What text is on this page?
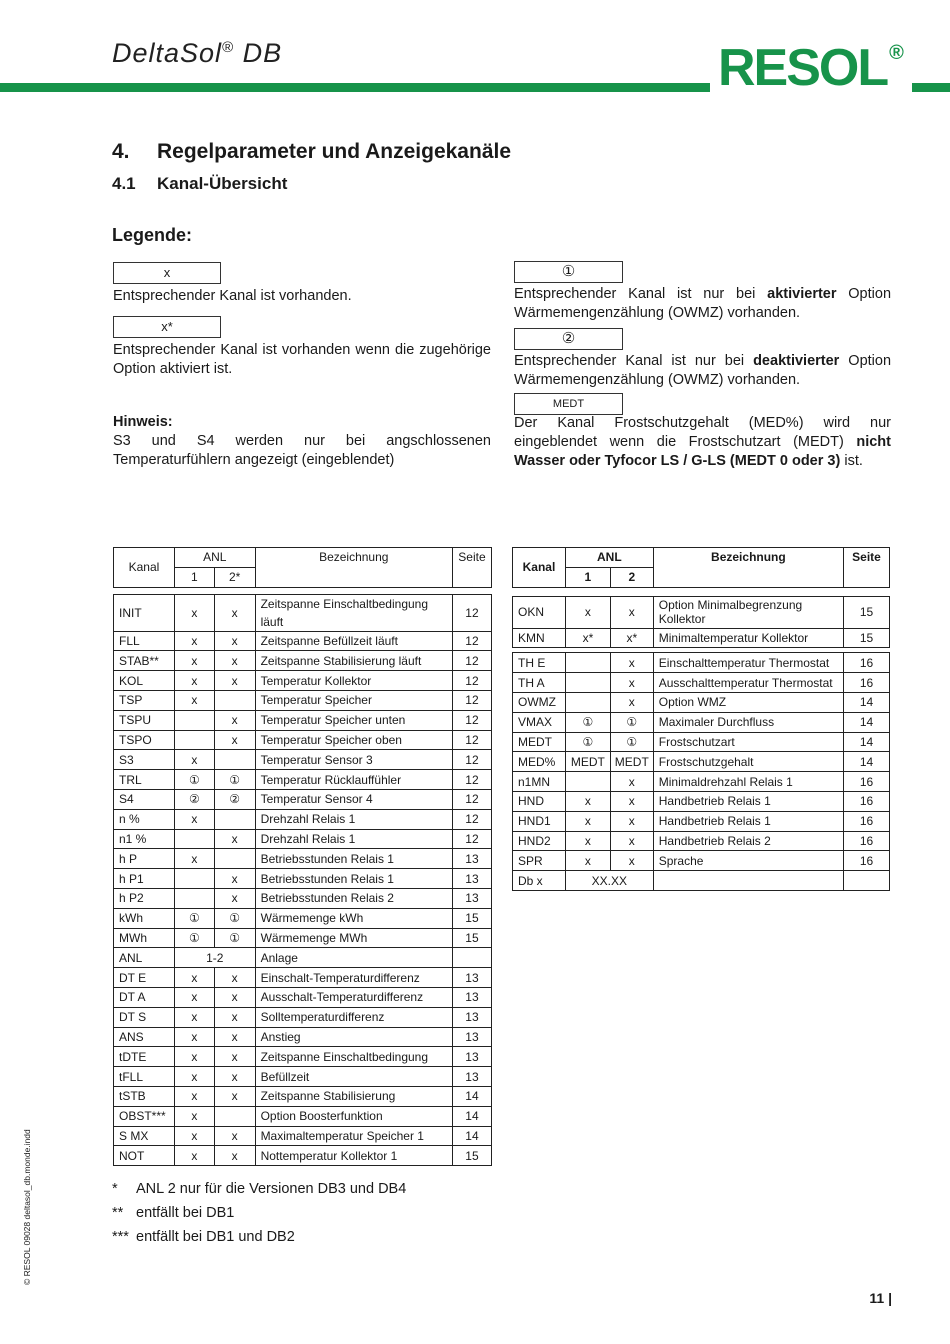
DeltaSol® DB	RESOL ®
4. Regelparameter und Anzeigekanäle
4.1 Kanal-Übersicht
Legende:
x
Entsprechender Kanal ist vorhanden.
x*
Entsprechender Kanal ist vorhanden wenn die zugehörige Option aktiviert ist.
Hinweis:
S3 und S4 werden nur bei angschlossenen Temperaturfühlern angezeigt (eingeblendet)
①
Entsprechender Kanal ist nur bei aktivierter Option Wärmemengenzählung (OWMZ) vorhanden.
②
Entsprechender Kanal ist nur bei deaktivierter Option Wärmemengenzählung (OWMZ) vorhanden.
MEDT
Der Kanal Frostschutzgehalt (MED%) wird nur eingeblendet wenn die Frostschutzart (MEDT) nicht Wasser oder Tyfocor LS / G-LS (MEDT 0 oder 3) ist.
Kanal	ANL		Bezeichnung	Seite
	1	2*		

INIT	x	x	Zeitspanne Einschaltbedingung läuft	12
FLL	x	x	Zeitspanne Befüllzeit läuft	12
STAB**	x	x	Zeitspanne Stabilisierung läuft	12
KOL	x	x	Temperatur Kollektor	12
TSP	x		Temperatur Speicher	12
TSPU		x	Temperatur Speicher unten	12
TSPO		x	Temperatur Speicher oben	12
S3	x		Temperatur Sensor 3	12
TRL	①	①	Temperatur Rücklauffühler	12
S4	②	②	Temperatur Sensor 4	12
n %	x		Drehzahl Relais 1	12
n1 %		x	Drehzahl Relais 1	12
h P	x		Betriebsstunden Relais 1	13
h P1		x	Betriebsstunden Relais 1	13
h P2		x	Betriebsstunden Relais 2	13
kWh	①	①	Wärmemenge kWh	15
MWh	①	①	Wärmemenge MWh	15
ANL	1-2		Anlage	
DT E	x	x	Einschalt-Temperaturdifferenz	13
DT A	x	x	Ausschalt-Temperaturdifferenz	13
DT S	x	x	Solltemperaturdifferenz	13
ANS	x	x	Anstieg	13
tDTE	x	x	Zeitspanne Einschaltbedingung	13
tFLL	x	x	Befüllzeit	13
tSTB	x	x	Zeitspanne Stabilisierung	14
OBST***	x		Option Boosterfunktion	14
S MX	x	x	Maximaltemperatur Speicher 1	14
NOT	x	x	Nottemperatur Kollektor 1	15
Kanal	ANL		Bezeichnung	Seite
	1	2		

OKN	x	x	Option Minimalbegrenzung Kollektor	15
KMN	x*	x*	Minimaltemperatur Kollektor	15

TH E		x	Einschalttemperatur Thermostat	16
TH A		x	Ausschalttemperatur Thermostat	16
OWMZ		x	Option WMZ	14
VMAX	①	①	Maximaler Durchfluss	14
MEDT	①	①	Frostschutzart	14
MED%	MEDT	MEDT	Frostschutzgehalt	14
n1MN		x	Minimaldrehzahl Relais 1	16
HND	x	x	Handbetrieb Relais 1	16
HND1	x	x	Handbetrieb Relais 1	16
HND2	x	x	Handbetrieb Relais 2	16
SPR	x	x	Sprache	16
Db x	XX.XX			
* ANL 2 nur für die Versionen DB3 und DB4
** entfällt bei DB1
*** entfällt bei DB1 und DB2
© RESOL 09028 deltasol_db.monde.indd
11 |
